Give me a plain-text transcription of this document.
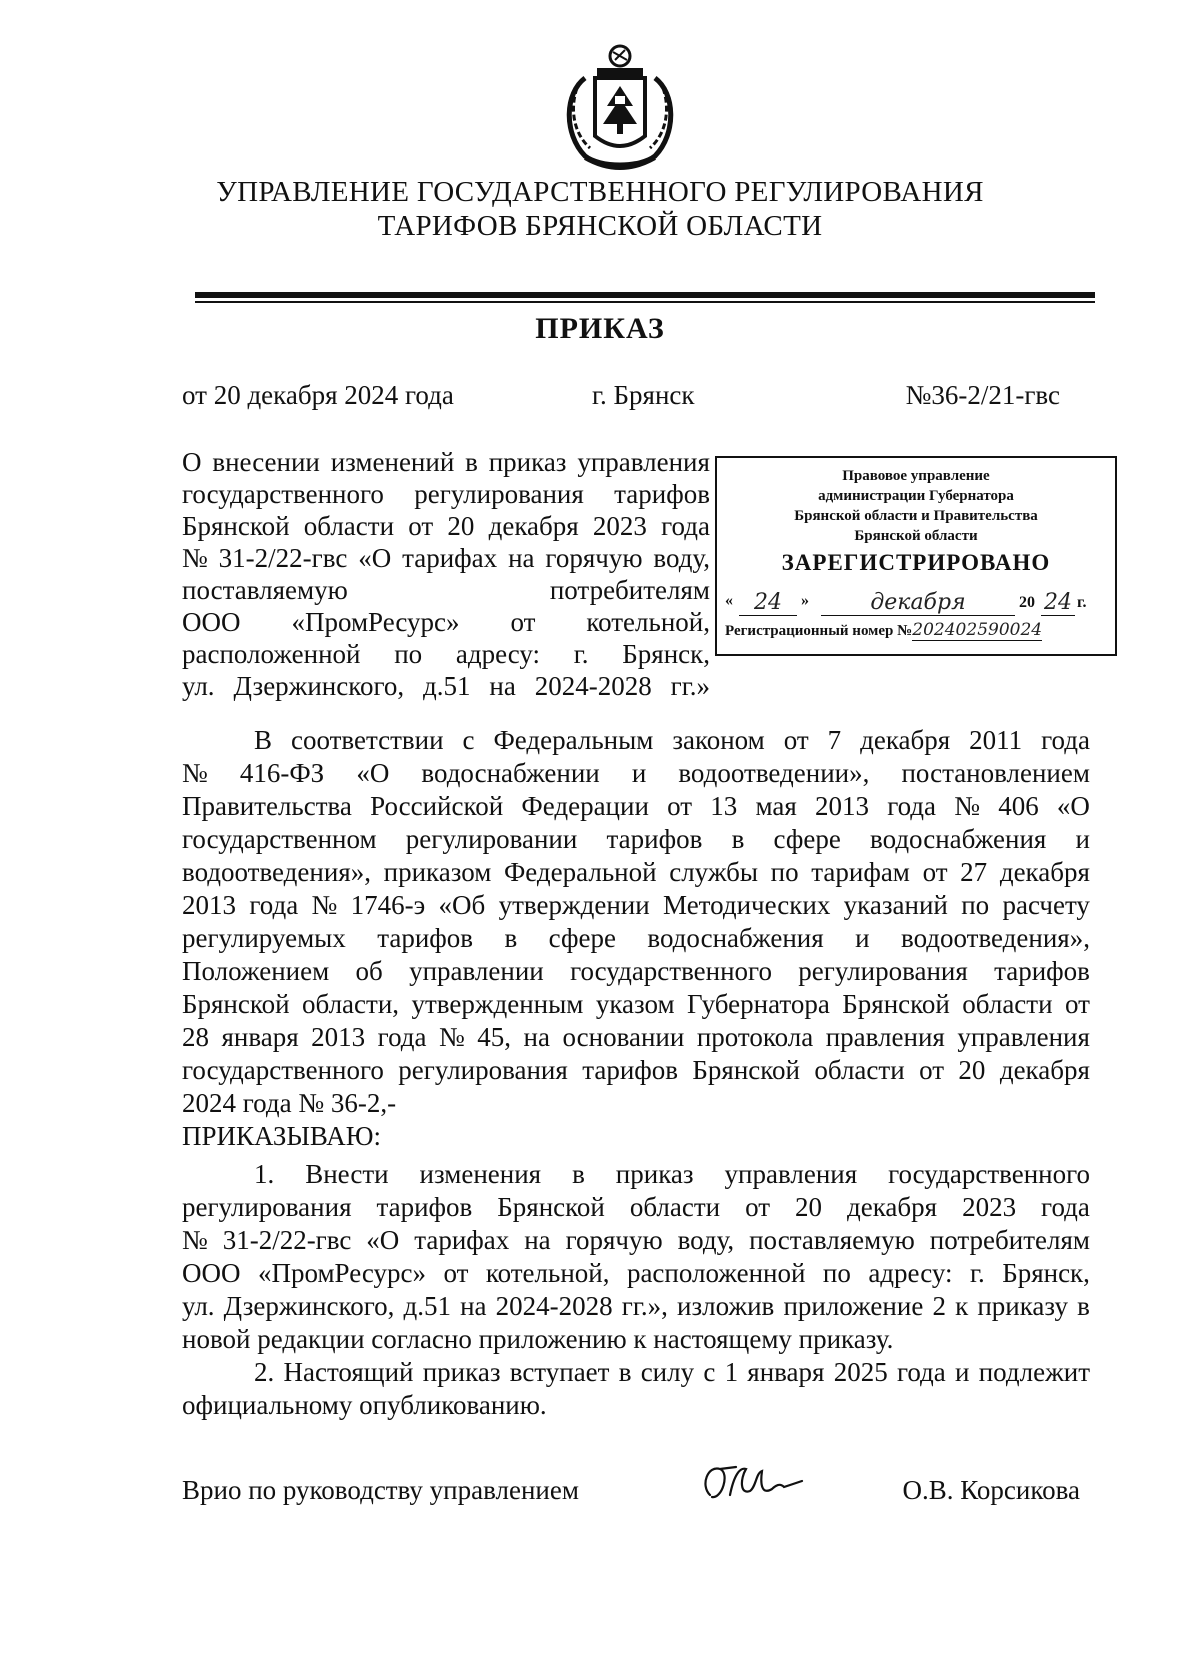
УПРАВЛЕНИЕ ГОСУДАРСТВЕННОГО РЕГУЛИРОВАНИЯ
ТАРИФОВ БРЯНСКОЙ ОБЛАСТИ
ПРИКАЗ
от 20 декабря 2024 года	г. Брянск	№36-2/21-гвс
О внесении изменений в приказ управления
государственного регулирования тарифов
Брянской области от 20 декабря 2023 года
№ 31-2/22-гвс «О тарифах на горячую воду,
поставляемую	потребителям
ООО «ПромРесурс» от котельной,
расположенной по адресу: г. Брянск,
ул. Дзержинского, д.51 на 2024-2028 гг.»
Правовое управление
администрации Губернатора
Брянской области и Правительства
Брянской области
ЗАРЕГИСТРИРОВАНО
« 24	»	декабря	20 24 г.
Регистрационный номер №202402590024
В соответствии с Федеральным законом от 7 декабря 2011 года
№ 416-ФЗ «О водоснабжении и водоотведении», постановлением
Правительства Российской Федерации от 13 мая 2013 года № 406 «О
государственном регулировании тарифов в сфере водоснабжения и
водоотведения», приказом Федеральной службы по тарифам от 27 декабря
2013 года № 1746-э «Об утверждении Методических указаний по расчету
регулируемых тарифов в сфере водоснабжения и водоотведения»,
Положением об управлении государственного регулирования тарифов
Брянской области, утвержденным указом Губернатора Брянской области от
28 января 2013 года № 45, на основании протокола правления управления
государственного регулирования тарифов Брянской области от 20 декабря
2024 года № 36-2,-
ПРИКАЗЫВАЮ:
1. Внести изменения в приказ управления государственного
регулирования тарифов Брянской области от 20 декабря 2023 года
№ 31-2/22-гвс «О тарифах на горячую воду, поставляемую потребителям
ООО «ПромРесурс» от котельной, расположенной по адресу: г. Брянск,
ул. Дзержинского, д.51 на 2024-2028 гг.», изложив приложение 2 к приказу в
новой редакции согласно приложению к настоящему приказу.
2. Настоящий приказ вступает в силу с 1 января 2025 года и подлежит
официальному опубликованию.
Врио по руководству управлением	О.В. Корсикова
